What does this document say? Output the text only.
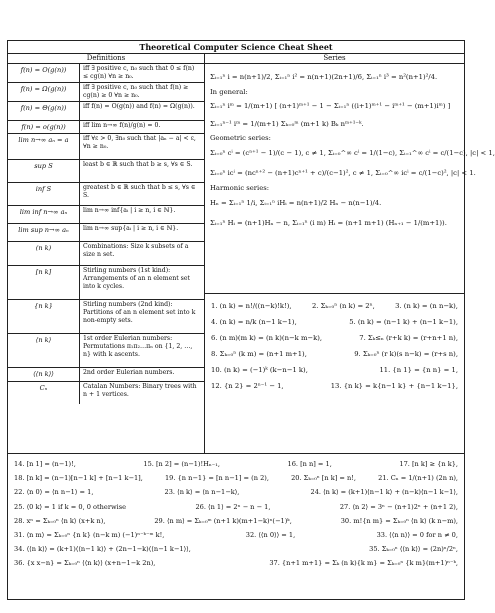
Theoretical Computer Science Cheat Sheet
Definitions	Series
f(n) = O(g(n))	iff ∃ positive c, n₀ such that 0 ≤ f(n) ≤ cg(n) ∀n ≥ n₀.
f(n) = Ω(g(n))	iff ∃ positive c, n₀ such that f(n) ≥ cg(n) ≥ 0 ∀n ≥ n₀.
f(n) = Θ(g(n))	iff f(n) = O(g(n)) and f(n) = Ω(g(n)).
f(n) = o(g(n))	iff lim n→∞ f(n)/g(n) = 0.
lim n→∞ aₙ = a	iff ∀ε > 0, ∃n₀ such that |aₙ − a| < ε, ∀n ≥ n₀.
sup S	least b ∈ ℝ such that b ≥ s, ∀s ∈ S.
inf S	greatest b ∈ ℝ such that b ≤ s, ∀s ∈ S.
lim inf n→∞ aₙ	lim n→∞ inf{aᵢ | i ≥ n, i ∈ ℕ}.
lim sup n→∞ aₙ	lim n→∞ sup{aᵢ | i ≥ n, i ∈ ℕ}.
(n k)	Combinations: Size k subsets of a size n set.
[n k]	Stirling numbers (1st kind): Arrangements of an n element set into k cycles.
{n k}	Stirling numbers (2nd kind): Partitions of an n element set into k non-empty sets.
⟨n k⟩	1st order Eulerian numbers: Permutations π₁π₂…πₙ on {1, 2, …, n} with k ascents.
⟨⟨n k⟩⟩	2nd order Eulerian numbers.
Cₙ	Catalan Numbers: Binary trees with n + 1 vertices.
Σᵢ₌₁ⁿ i = n(n+1)/2, Σᵢ₌₁ⁿ i² = n(n+1)(2n+1)/6, Σᵢ₌₁ⁿ i³ = n²(n+1)²/4.
In general:
Σᵢ₌₁ⁿ iᵐ = 1/(m+1) [ (n+1)ᵐ⁺¹ − 1 − Σᵢ₌₁ⁿ ((i+1)ᵐ⁺¹ − iᵐ⁺¹ − (m+1)iᵐ) ]
Σᵢ₌₁ⁿ⁻¹ iᵐ = 1/(m+1) Σₖ₌₀ᵐ (m+1 k) Bₖ nᵐ⁺¹⁻ᵏ.
Geometric series:
Σᵢ₌₀ⁿ cⁱ = (cⁿ⁺¹ − 1)/(c − 1), c ≠ 1, Σᵢ₌₀^∞ cⁱ = 1/(1−c), Σᵢ₌₁^∞ cⁱ = c/(1−c), |c| < 1,
Σᵢ₌₀ⁿ icⁱ = (ncⁿ⁺² − (n+1)cⁿ⁺¹ + c)/(c−1)², c ≠ 1, Σᵢ₌₀^∞ icⁱ = c/(1−c)², |c| < 1.
Harmonic series:
Hₙ = Σᵢ₌₁ⁿ 1/i, Σᵢ₌₁ⁿ iHᵢ = n(n+1)/2 Hₙ − n(n−1)/4.
Σᵢ₌₁ⁿ Hᵢ = (n+1)Hₙ − n, Σᵢ₌₁ⁿ (i m) Hᵢ = (n+1 m+1) (Hₙ₊₁ − 1/(m+1)).
1. (n k) = n!/((n−k)!k!),	2. Σₖ₌₀ⁿ (n k) = 2ⁿ,	3. (n k) = (n n−k),
4. (n k) = n/k (n−1 k−1),	5. (n k) = (n−1 k) + (n−1 k−1),
6. (n m)(m k) = (n k)(n−k m−k),	7. Σₖ≤ₙ (r+k k) = (r+n+1 n),
8. Σₖ₌₀ⁿ (k m) = (n+1 m+1),	9. Σₖ₌₀ⁿ (r k)(s n−k) = (r+s n),
10. (n k) = (−1)ᵏ (k−n−1 k),	11. {n 1} = {n n} = 1,
12. {n 2} = 2ⁿ⁻¹ − 1,	13. {n k} = k{n−1 k} + {n−1 k−1},
14. [n 1] = (n−1)!,	15. [n 2] = (n−1)!Hₙ₋₁,	16. [n n] = 1,	17. [n k] ≥ {n k},
18. [n k] = (n−1)[n−1 k] + [n−1 k−1],	19. {n n−1} = [n n−1] = (n 2),	20. Σₖ₌₀ⁿ [n k] = n!,	21. Cₙ = 1/(n+1) (2n n),
22. ⟨n 0⟩ = ⟨n n−1⟩ = 1,	23. ⟨n k⟩ = ⟨n n−1−k⟩,	24. ⟨n k⟩ = (k+1)⟨n−1 k⟩ + (n−k)⟨n−1 k−1⟩,
25. ⟨0 k⟩ = 1 if k = 0, 0 otherwise	26. ⟨n 1⟩ = 2ⁿ − n − 1,	27. ⟨n 2⟩ = 3ⁿ − (n+1)2ⁿ + (n+1 2),
28. xⁿ = Σₖ₌₀ⁿ ⟨n k⟩ (x+k n),	29. ⟨n m⟩ = Σₖ₌₀ᵐ (n+1 k)(m+1−k)ⁿ(−1)ᵏ,	30. m!{n m} = Σₖ₌₀ⁿ ⟨n k⟩ (k n−m),
31. ⟨n m⟩ = Σₖ₌₀ⁿ {n k} (n−k m) (−1)ⁿ⁻ᵏ⁻ᵐ k!,	32. ⟨⟨n 0⟩⟩ = 1,	33. ⟨⟨n n⟩⟩ = 0 for n ≠ 0,
34. ⟨⟨n k⟩⟩ = (k+1)⟨⟨n−1 k⟩⟩ + (2n−1−k)⟨⟨n−1 k−1⟩⟩,	35. Σₖ₌₀ⁿ ⟨⟨n k⟩⟩ = (2n)ⁿ/2ⁿ,
36. {x x−n} = Σₖ₌₀ⁿ ⟨⟨n k⟩⟩ (x+n−1−k 2n),	37. {n+1 m+1} = Σₖ (n k){k m} = Σₖ₌₀ⁿ {k m}(m+1)ⁿ⁻ᵏ,
